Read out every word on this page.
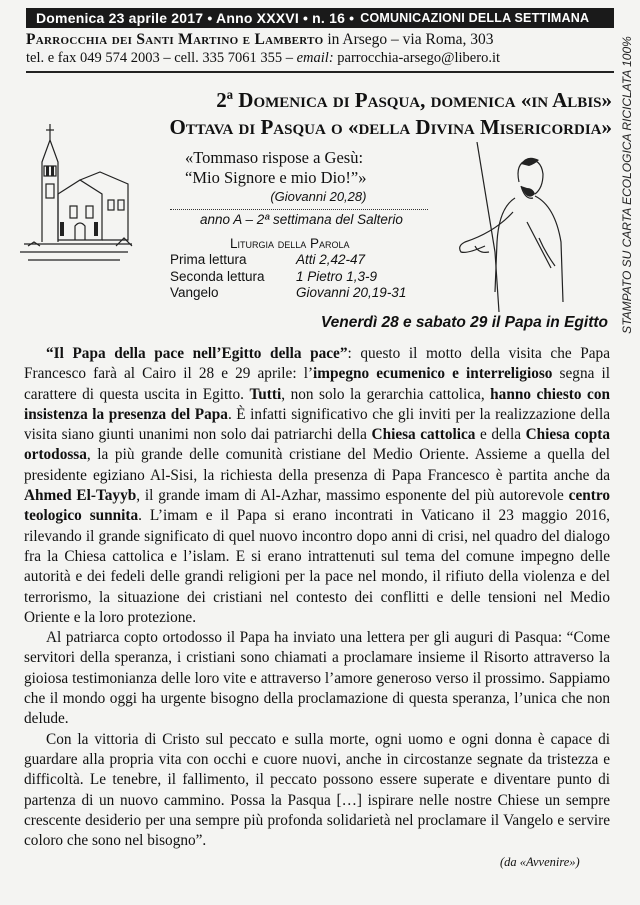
Domenica 23 aprile 2017 • Anno XXXVI • n. 16 • COMUNICAZIONI DELLA SETTIMANA
Parrocchia dei Santi Martino e Lamberto in Arsego – via Roma, 303
tel. e fax 049 574 2003 – cell. 335 7061 355 – email: parrocchia-arsego@libero.it	STAMPATO SU CARTA ECOLOGICA RICICLATA 100%
2ª Domenica di Pasqua, domenica «in Albis»
Ottava di Pasqua o «della Divina Misericordia»
«Tommaso rispose a Gesù:
“Mio Signore e mio Dio!”»
(Giovanni 20,28)
anno A – 2ª settimana del Salterio
Liturgia della Parola
Prima lettura	Atti 2,42-47
Seconda lettura	1 Pietro 1,3-9
Vangelo	Giovanni 20,19-31
Venerdì 28 e sabato 29 il Papa in Egitto

“Il Papa della pace nell’Egitto della pace”: questo il motto della visita che Papa Francesco farà al Cairo il 28 e 29 aprile: l’impegno ecumenico e interreligioso segna il carattere di questa uscita in Egitto. Tutti, non solo la gerarchia cattolica, hanno chiesto con insistenza la presenza del Papa. È infatti significativo che gli inviti per la realizzazione della visita siano giunti unanimi non solo dai patriarchi della Chiesa cattolica e della Chiesa copta ortodossa, la più grande delle comunità cristiane del Medio Oriente. Assieme a quella del presidente egiziano Al-Sisi, la richiesta della presenza di Papa Francesco è partita anche da Ahmed El-Tayyb, il grande imam di Al-Azhar, massimo esponente del più autorevole centro teologico sunnita. L’imam e il Papa si erano incontrati in Vaticano il 23 maggio 2016, rilevando il grande significato di quel nuovo incontro dopo anni di crisi, nel quadro del dialogo fra la Chiesa cattolica e l’islam. E si erano intrattenuti sul tema del comune impegno delle autorità e dei fedeli delle grandi religioni per la pace nel mondo, il rifiuto della violenza e del terrorismo, la situazione dei cristiani nel contesto dei conflitti e delle tensioni nel Medio Oriente e la loro protezione.

Al patriarca copto ortodosso il Papa ha inviato una lettera per gli auguri di Pasqua: “Come servitori della speranza, i cristiani sono chiamati a proclamare insieme il Risorto attraverso la gioiosa testimonianza delle loro vite e attraverso l’amore generoso verso il prossimo. Sappiamo che il mondo oggi ha urgente bisogno della proclamazione di questa speranza, l’unica che non delude.

Con la vittoria di Cristo sul peccato e sulla morte, ogni uomo e ogni donna è capace di guardare alla propria vita con occhi e cuore nuovi, anche in circostanze segnate da tristezza e difficoltà. Le tenebre, il fallimento, il peccato possono essere superate e diventare punto di partenza di un nuovo cammino. Possa la Pasqua […] ispirare nelle nostre Chiese un sempre crescente desiderio per una sempre più profonda solidarietà nel proclamare il Vangelo e servire coloro che sono nel bisogno”.

(da «Avvenire»)
